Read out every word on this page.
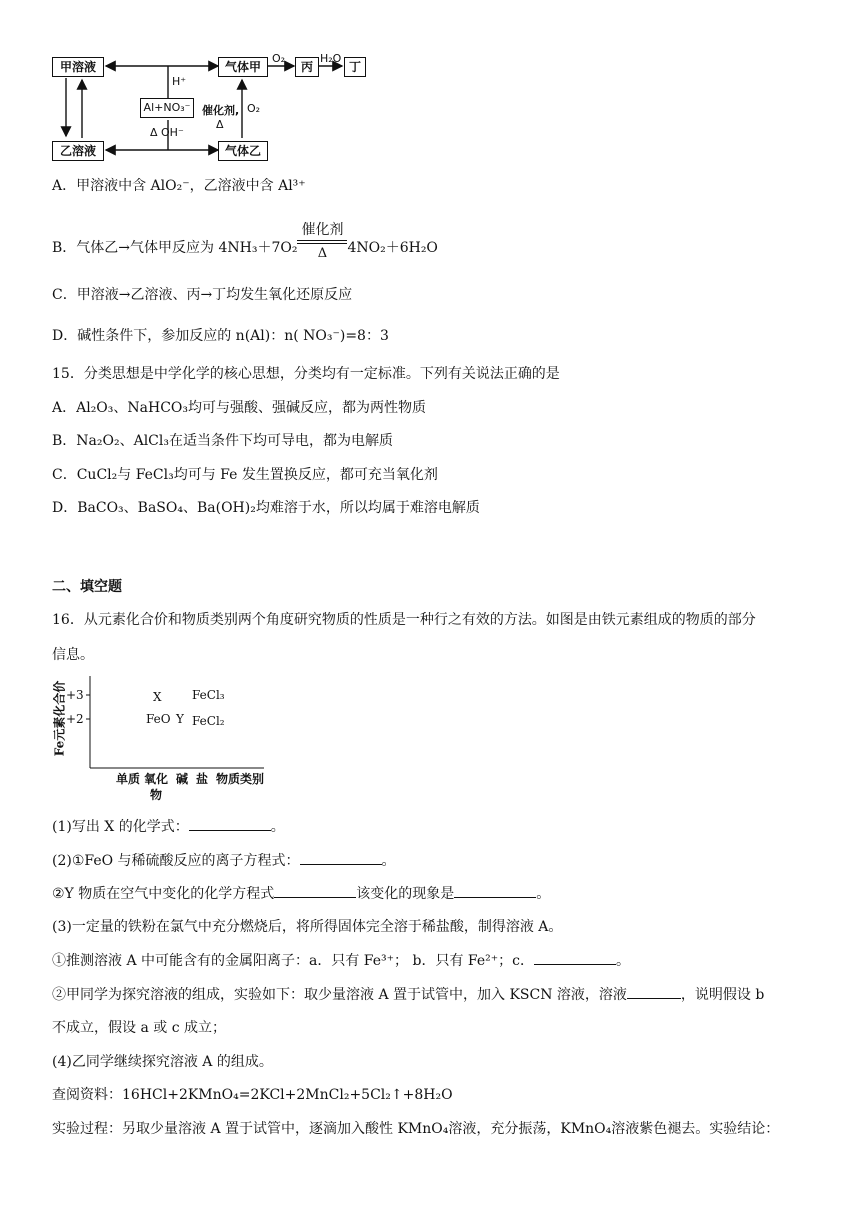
甲溶液
乙溶液
气体甲
气体乙
Al+NO₃⁻
丙	丁
H⁺
Δ OH⁻
催化剂,
Δ
O₂
O₂	H₂O
A．甲溶液中含 AlO₂⁻，乙溶液中含 Al³⁺
B．气体乙→气体甲反应为 $4NH_3+7O_2 \frac{\text{催化剂}}{\Delta} 4NO_2+6H_2O$
C．甲溶液→乙溶液、丙→丁均发生氧化还原反应
D．碱性条件下，参加反应的 n(Al)：n( NO₃⁻)=8：3
15．分类思想是中学化学的核心思想，分类均有一定标准。下列有关说法正确的是
A．Al₂O₃、NaHCO₃均可与强酸、强碱反应，都为两性物质
B．Na₂O₂、AlCl₃在适当条件下均可导电，都为电解质
C．CuCl₂与 FeCl₃均可与 Fe 发生置换反应，都可充当氧化剂
D．BaCO₃、BaSO₄、Ba(OH)₂均难溶于水，所以均属于难溶电解质
二、填空题
16．从元素化合价和物质类别两个角度研究物质的性质是一种行之有效的方法。如图是由铁元素组成的物质的部分
信息。
Fe元素化合价 +3
+2
X	FeCl₃
FeO Y FeCl₂
单质 氧化
物
碱 盐 物质类别
(1)写出 X 的化学式：	。
(2)①FeO 与稀硫酸反应的离子方程式：	。
②Y 物质在空气中变化的化学方程式	该变化的现象是	。
(3)一定量的铁粉在氯气中充分燃烧后，将所得固体完全溶于稀盐酸，制得溶液 A。
①推测溶液 A 中可能含有的金属阳离子：a．只有 Fe³⁺； b．只有 Fe²⁺；c．	。
②甲同学为探究溶液的组成，实验如下：取少量溶液 A 置于试管中，加入 KSCN 溶液，溶液	，说明假设 b
不成立，假设 a 或 c 成立；
(4)乙同学继续探究溶液 A 的组成。
查阅资料：16HCl+2KMnO₄=2KCl+2MnCl₂+5Cl₂↑+8H₂O
实验过程：另取少量溶液 A 置于试管中，逐滴加入酸性 KMnO₄溶液，充分振荡，KMnO₄溶液紫色褪去。实验结论：
